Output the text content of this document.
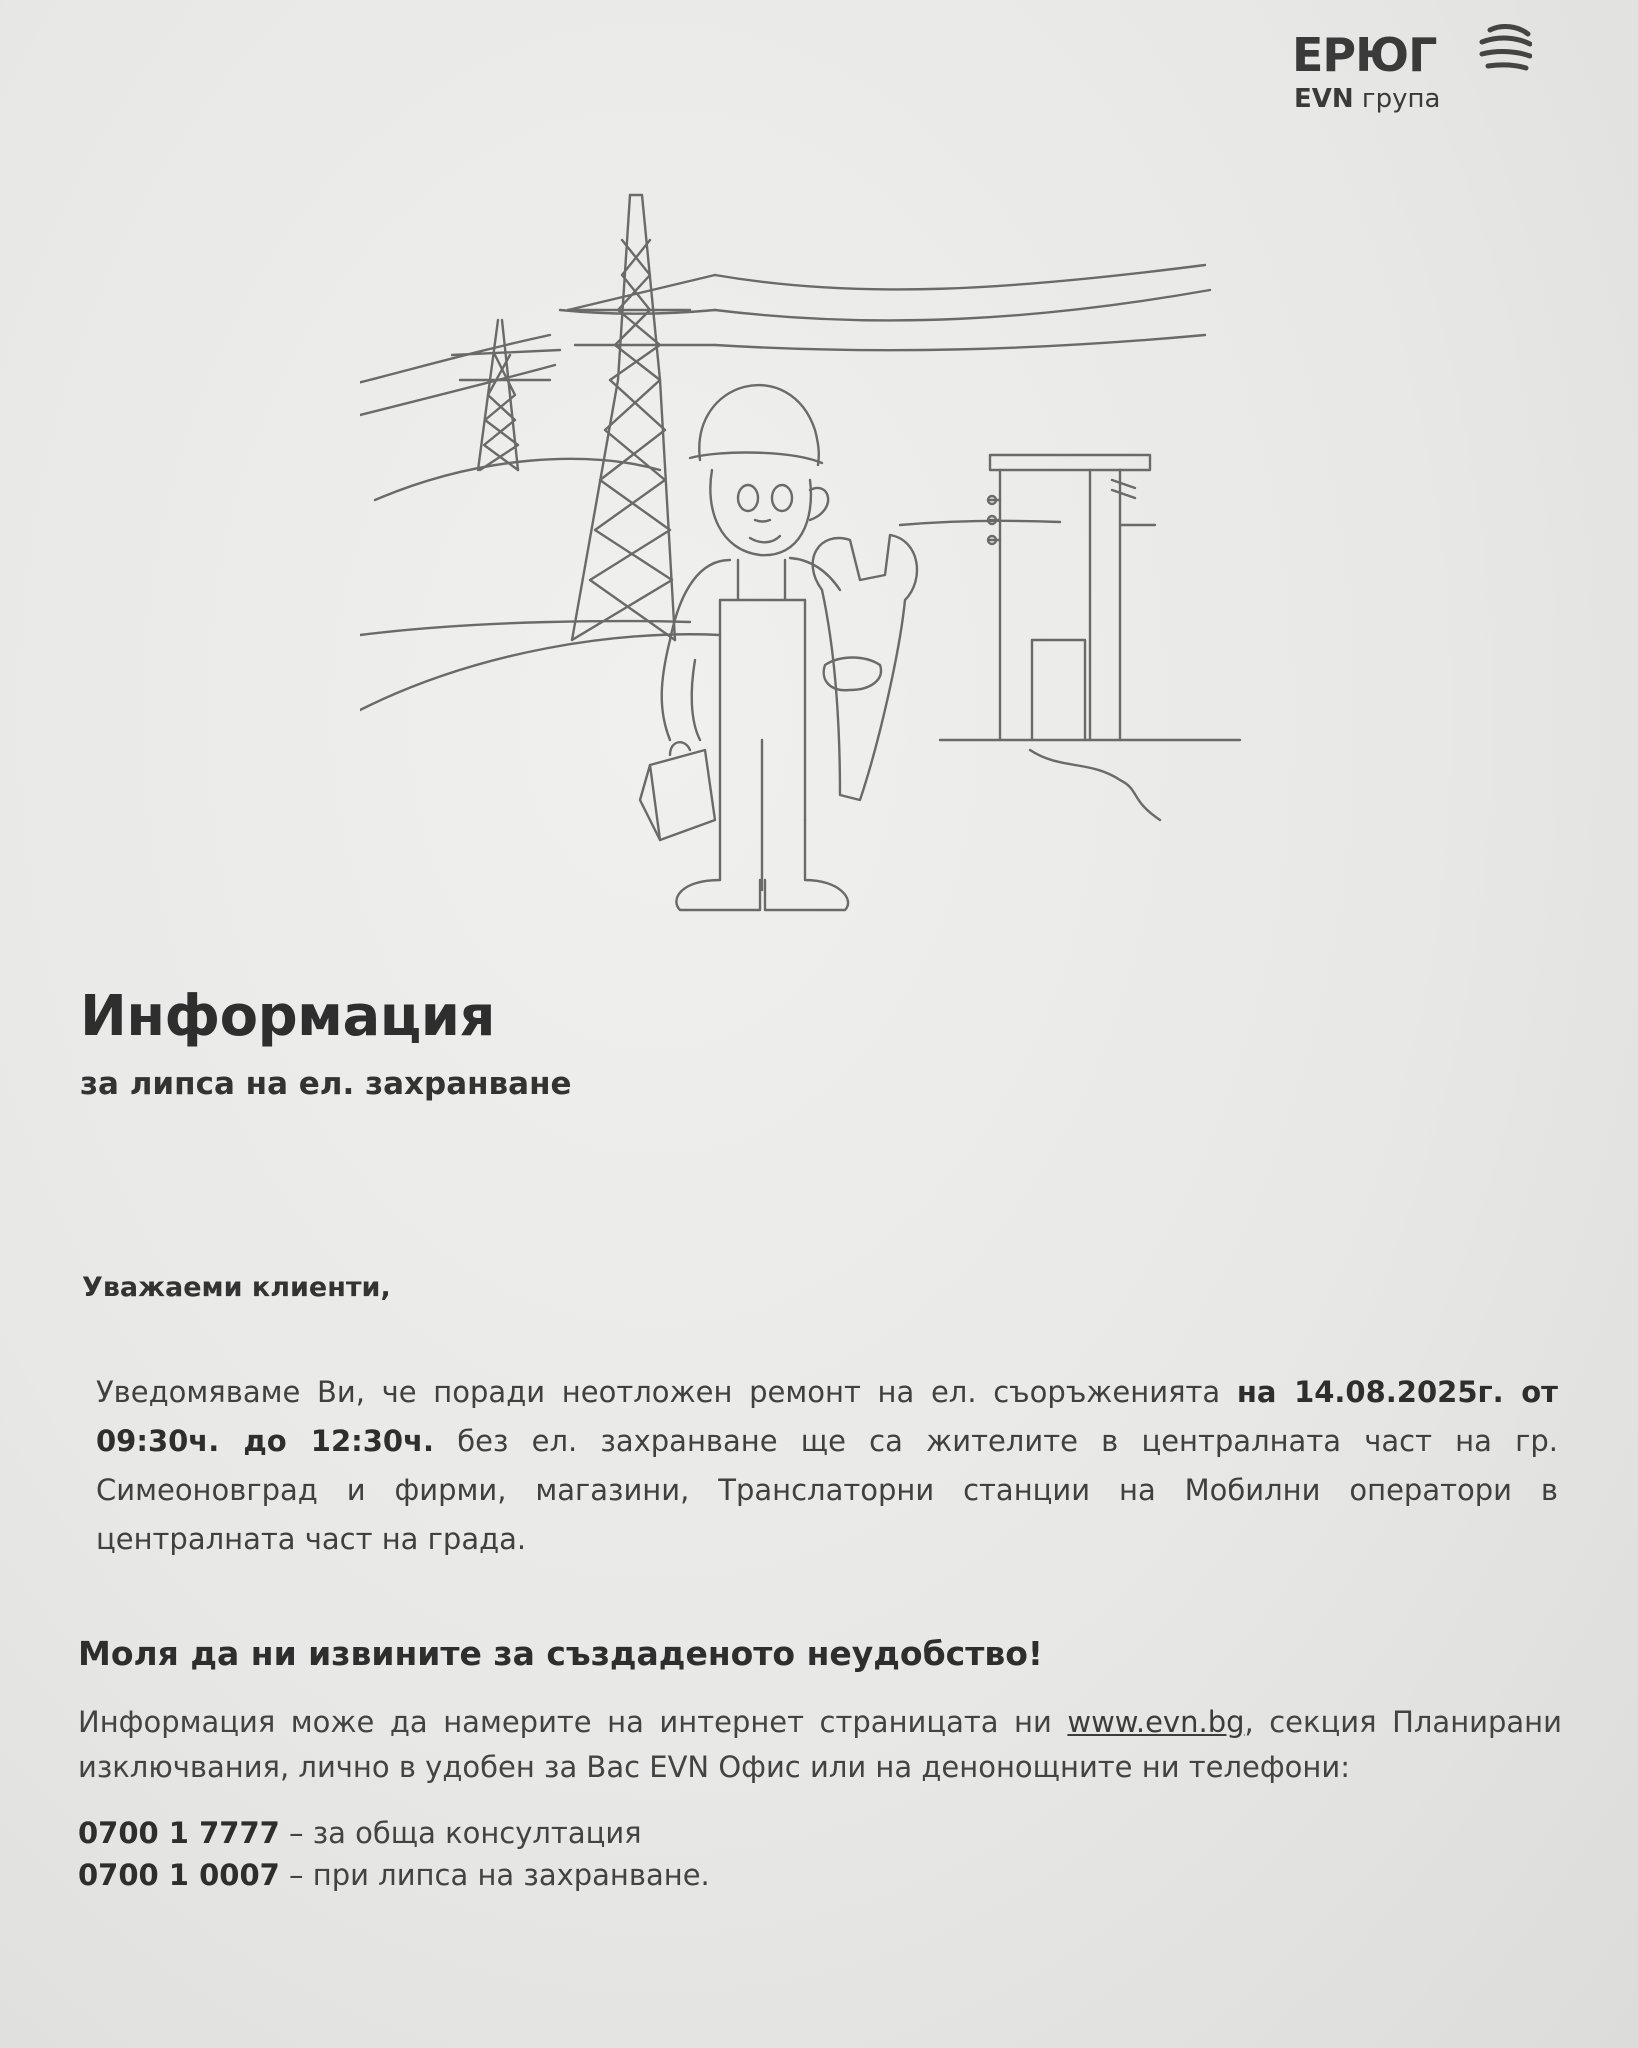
ЕРЮГ
EVN група
Информация
за липса на ел. захранване

Уважаеми клиенти,

Уведомяваме Ви, че поради неотложен ремонт на ел. съоръженията на 14.08.2025г. от 09:30ч. до 12:30ч. без ел. захранване ще са жителите в централната част на гр. Симеоновград и фирми, магазини, Транслаторни станции на Мобилни оператори в централната част на града.

Моля да ни извините за създаденото неудобство!

Информация може да намерите на интернет страницата ни www.evn.bg, секция Планирани изключвания, лично в удобен за Вас EVN Офис или на денонощните ни телефони:

0700 1 7777 – за обща консултация
0700 1 0007 – при липса на захранване.
